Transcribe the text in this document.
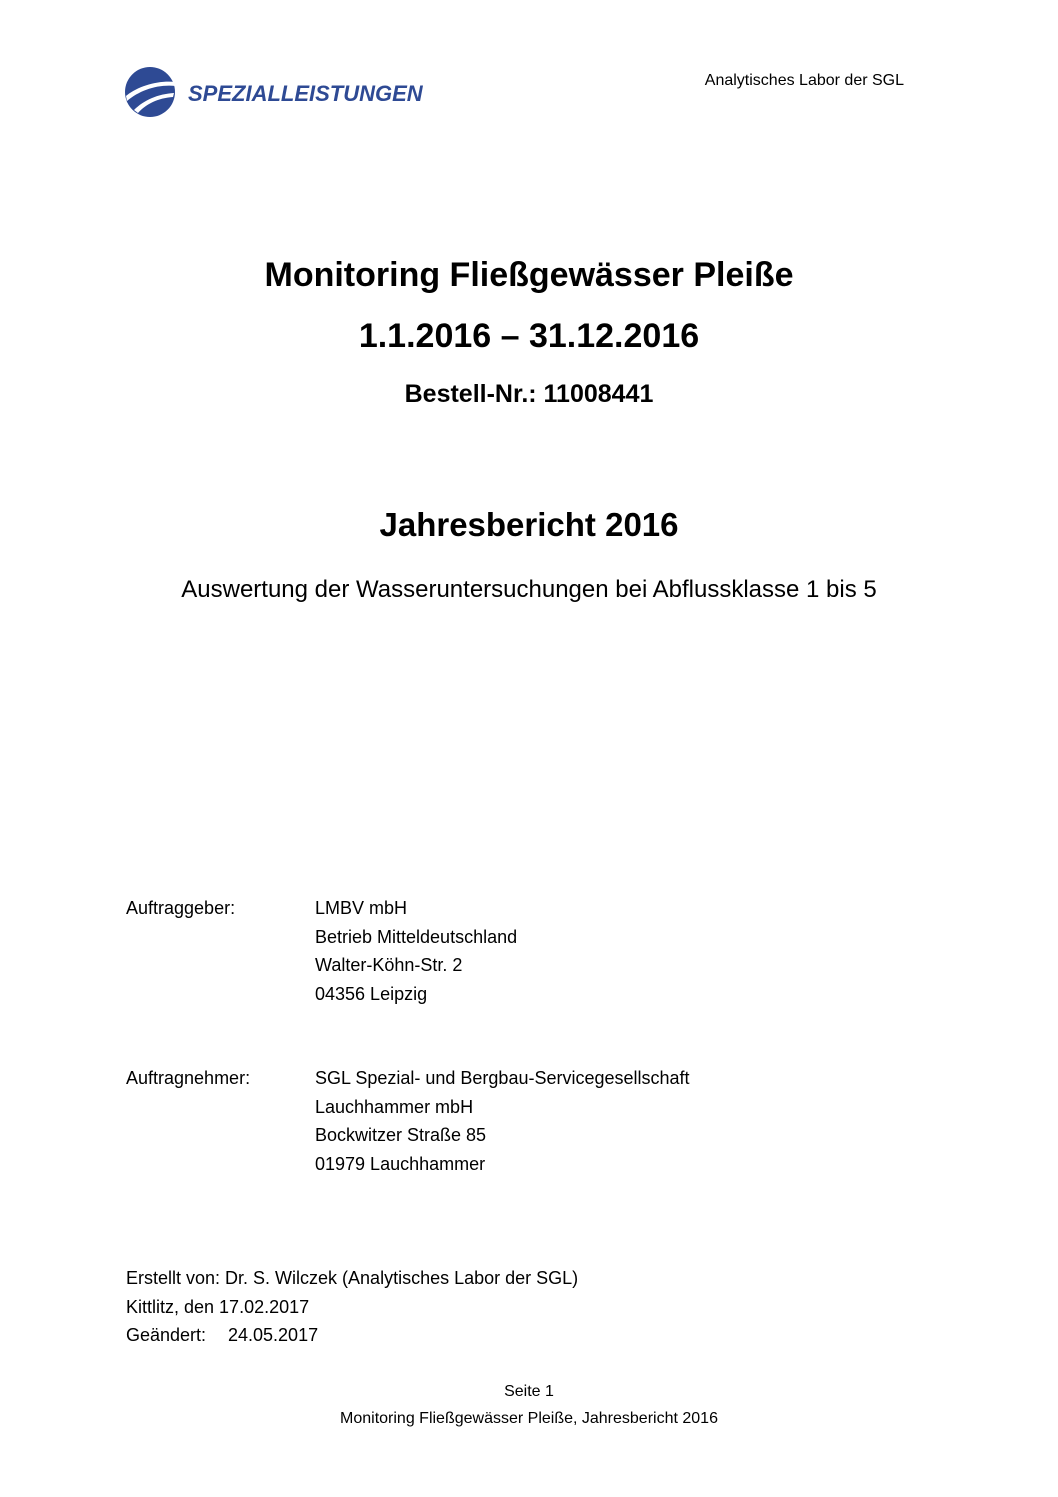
SPEZIALLEISTUNGEN
Analytisches Labor der SGL
Monitoring Fließgewässer Pleiße
1.1.2016 – 31.12.2016
Bestell-Nr.: 11008441
Jahresbericht 2016
Auswertung der Wasseruntersuchungen bei Abflussklasse 1 bis 5
Auftraggeber:	LMBV mbH
Betrieb Mitteldeutschland
Walter-Köhn-Str. 2
04356 Leipzig
Auftragnehmer:	SGL Spezial- und Bergbau-Servicegesellschaft
Lauchhammer mbH
Bockwitzer Straße 85
01979 Lauchhammer
Erstellt von: Dr. S. Wilczek (Analytisches Labor der SGL)
Kittlitz, den 17.02.2017
Geändert: 24.05.2017
Seite 1
Monitoring Fließgewässer Pleiße, Jahresbericht 2016
